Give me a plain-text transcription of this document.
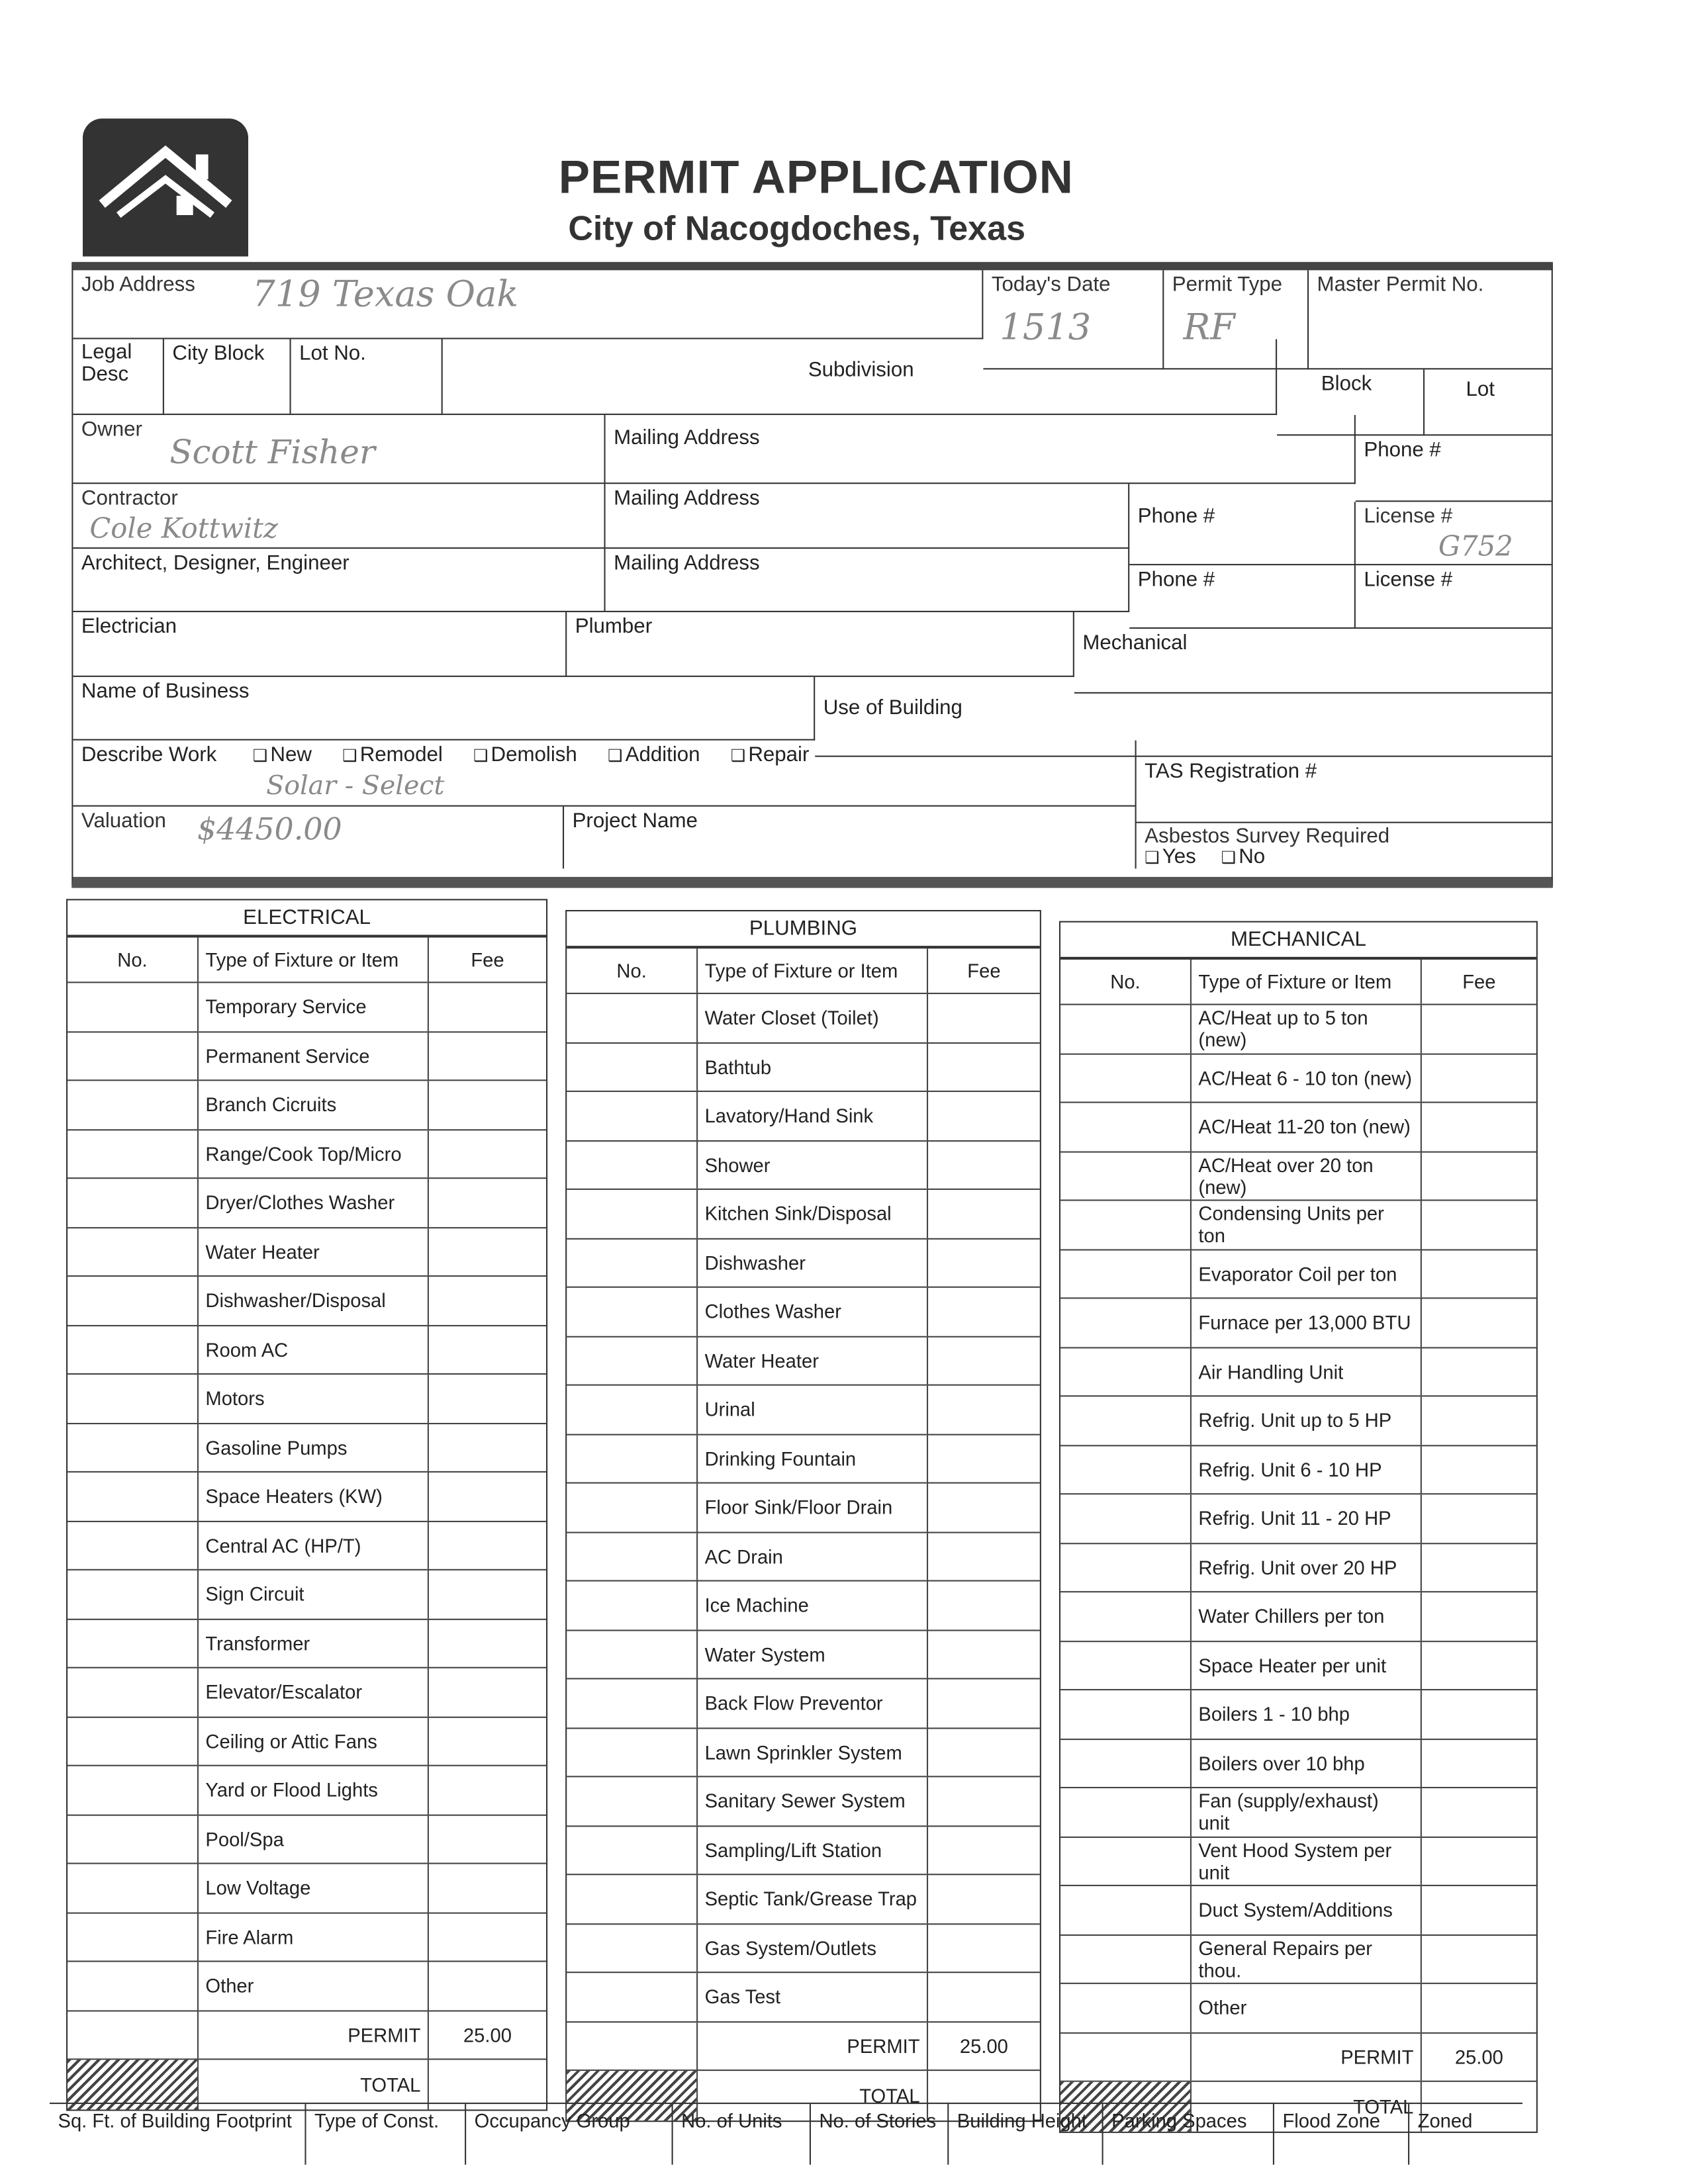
PERMIT APPLICATION
City of Nacogdoches, Texas
Job Address	719 Texas Oak	Today's Date
1513
Permit Type
RF
Master Permit No.
Legal Desc
City Block	Lot No.
Subdivision
Block	Lot
Owner
Scott Fisher	Mailing Address
Phone #
Contractor
Cole Kottwitz
Mailing Address
Phone #	License #
G752
Architect, Designer, Engineer	Mailing Address
Phone #	License #
Electrician	Plumber
Mechanical
Name of Business
Use of Building
Describe Work	❑ New	❑ Remodel	❑ Demolish	❑ Addition	❑ Repair
Solar - Select	TAS Registration #
Valuation	$4450.00	Project Name
Asbestos Survey Required
❑ Yes	❑ No
ELECTRICAL
No.	Type of Fixture or Item	Fee
Temporary Service
Permanent Service
Branch Cicruits
Range/Cook Top/Micro
Dryer/Clothes Washer
Water Heater
Dishwasher/Disposal
Room AC
Motors
Gasoline Pumps
Space Heaters (KW)
Central AC (HP/T)
Sign Circuit
Transformer
Elevator/Escalator
Ceiling or Attic Fans
Yard or Flood Lights
Pool/Spa
Low Voltage
Fire Alarm
Other
PERMIT	25.00
TOTAL
PLUMBING
No.	Type of Fixture or Item	Fee
Water Closet (Toilet)
Bathtub
Lavatory/Hand Sink
Shower
Kitchen Sink/Disposal
Dishwasher
Clothes Washer
Water Heater
Urinal
Drinking Fountain
Floor Sink/Floor Drain
AC Drain
Ice Machine
Water System
Back Flow Preventor
Lawn Sprinkler System
Sanitary Sewer System
Sampling/Lift Station
Septic Tank/Grease Trap
Gas System/Outlets
Gas Test
PERMIT	25.00
TOTAL
MECHANICAL
No.	Type of Fixture or Item	Fee
AC/Heat up to 5 ton (new)
AC/Heat 6 - 10 ton (new)
AC/Heat 11-20 ton (new)
AC/Heat over 20 ton (new)
Condensing Units per ton
Evaporator Coil per ton
Furnace per 13,000 BTU
Air Handling Unit
Refrig. Unit up to 5 HP
Refrig. Unit 6 - 10 HP
Refrig. Unit 11 - 20 HP
Refrig. Unit over 20 HP
Water Chillers per ton
Space Heater per unit
Boilers 1 - 10 bhp
Boilers over 10 bhp
Fan (supply/exhaust) unit
Vent Hood System per unit
Duct System/Additions
General Repairs per thou.
Other
PERMIT	25.00
TOTAL
Sq. Ft. of Building Footprint	Type of Const.	Occupancy Group	No. of Units	No. of Stories	Building Height	Parking Spaces	Flood Zone	Zoned
